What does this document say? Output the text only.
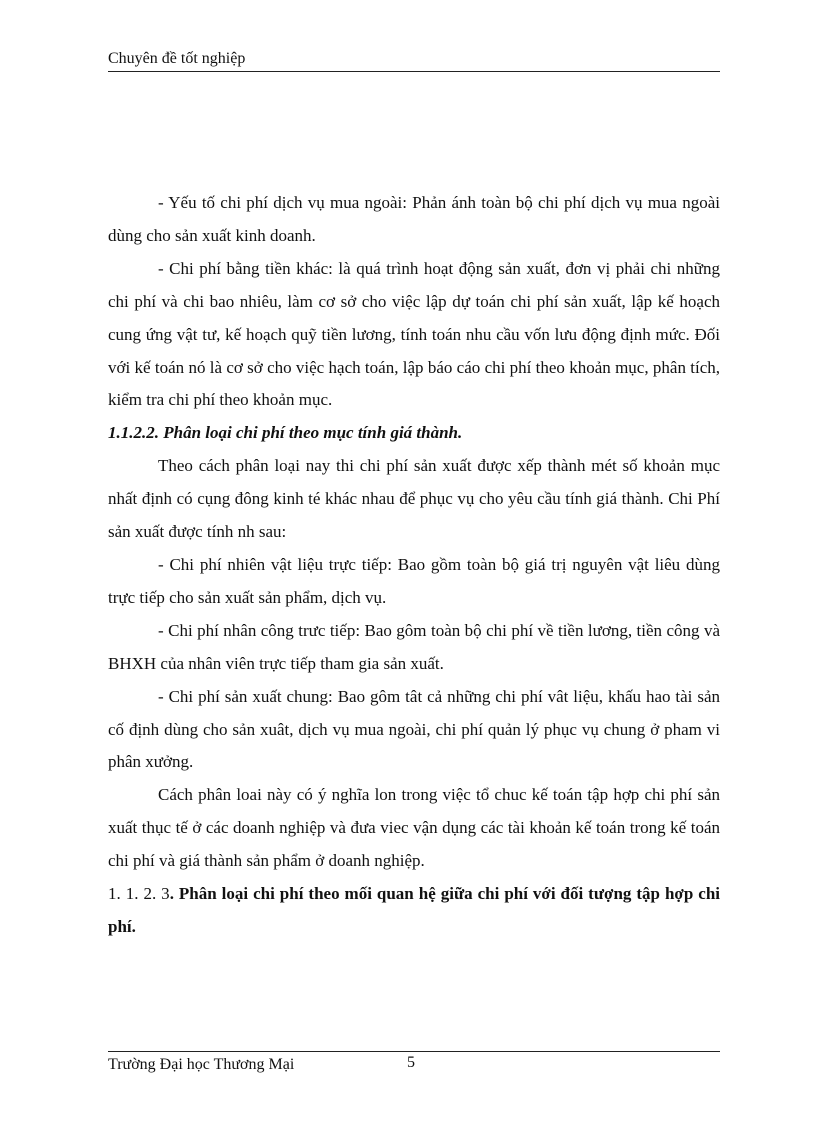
Chuyên đề tốt nghiệp

- Yếu tố chi phí dịch vụ mua ngoài: Phản ánh toàn bộ chi phí dịch vụ mua ngoài dùng cho sản xuất kinh doanh.

- Chi phí bằng tiền khác: là quá trình hoạt động sản xuất, đơn vị phải chi những chi phí và chi bao nhiêu, làm cơ sở cho việc lập dự toán chi phí sản xuất, lập kế hoạch cung ứng vật tư, kế hoạch quỹ tiền lương, tính toán nhu cầu vốn lưu động định mức. Đối với kế toán nó là cơ sở cho việc hạch toán, lập báo cáo chi phí theo khoản mục, phân tích, kiểm tra chi phí theo khoản mục.

1.1.2.2. Phân loại chi phí theo mục tính giá thành.

Theo cách phân loại nay thi chi phí sản xuất được xếp thành mét số khoản mục nhất định có cụng đông kinh té khác nhau để phục vụ cho yêu cầu tính giá thành. Chi Phí sản xuất được tính nh sau:

- Chi phí nhiên vật liệu trực tiếp: Bao gồm toàn bộ giá trị nguyên vật liêu dùng trực tiếp cho sản xuất sản phẩm, dịch vụ.

- Chi phí nhân công trưc tiếp: Bao gôm toàn bộ chi phí về tiền lương, tiền công và BHXH của nhân viên trực tiếp tham gia sản xuất.

- Chi phí sản xuất chung: Bao gôm tât cả những chi phí vât liệu, khấu hao tài sản cố định dùng cho sản xuât, dịch vụ mua ngoài, chi phí quản lý phục vụ chung ở pham vi phân xưởng.

Cách phân loai này có ý nghĩa lon trong việc tổ chuc kế toán tập hợp chi phí sản xuất thục tế ở các doanh nghiệp và đưa viec vận dụng các tài khoản kế toán trong kế toán chi phí và giá thành sản phẩm ở doanh nghiệp.

1. 1. 2. 3. Phân loại chi phí theo mối quan hệ giữa chi phí với đối tượng tập hợp chi phí.

Trường Đại học Thương Mại	5
